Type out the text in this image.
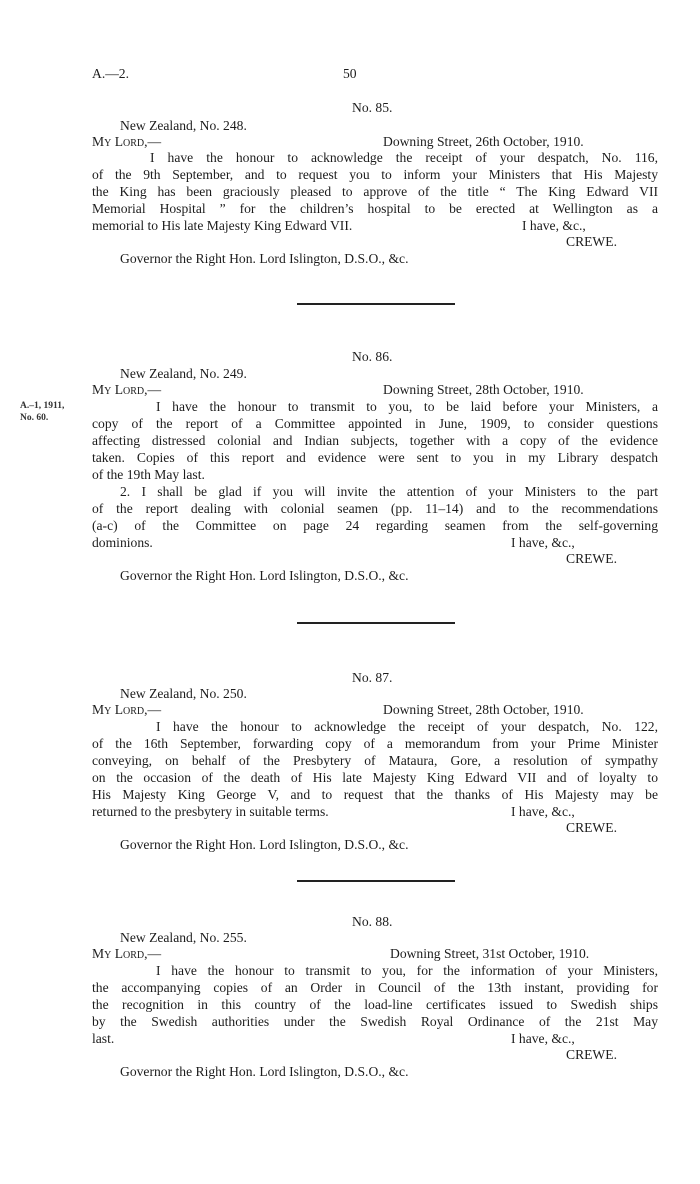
A.—2.	50
No. 85.
New Zealand, No. 248.
My Lord,—	Downing Street, 26th October, 1910.
I have the honour to acknowledge the receipt of your despatch, No. 116,
of the 9th September, and to request you to inform your Ministers that His Majesty
the King has been graciously pleased to approve of the title “ The King Edward VII
Memorial Hospital ” for the children’s hospital to be erected at Wellington as a
memorial to His late Majesty King Edward VII.	I have, &c.,
CREWE.
Governor the Right Hon. Lord Islington, D.S.O., &c.
No. 86.
New Zealand, No. 249.
My Lord,—	Downing Street, 28th October, 1910.
A.–1, 1911,
No. 60.
I have the honour to transmit to you, to be laid before your Ministers, a
copy of the report of a Committee appointed in June, 1909, to consider questions
affecting distressed colonial and Indian subjects, together with a copy of the evidence
taken. Copies of this report and evidence were sent to you in my Library despatch
of the 19th May last.
2. I shall be glad if you will invite the attention of your Ministers to the part
of the report dealing with colonial seamen (pp. 11–14) and to the recommendations
(a-c) of the Committee on page 24 regarding seamen from the self-governing
dominions.	I have, &c.,
CREWE.
Governor the Right Hon. Lord Islington, D.S.O., &c.
No. 87.
New Zealand, No. 250.
My Lord,—	Downing Street, 28th October, 1910.
I have the honour to acknowledge the receipt of your despatch, No. 122,
of the 16th September, forwarding copy of a memorandum from your Prime Minister
conveying, on behalf of the Presbytery of Mataura, Gore, a resolution of sympathy
on the occasion of the death of His late Majesty King Edward VII and of loyalty to
His Majesty King George V, and to request that the thanks of His Majesty may be
returned to the presbytery in suitable terms.	I have, &c.,
CREWE.
Governor the Right Hon. Lord Islington, D.S.O., &c.
No. 88.
New Zealand, No. 255.
My Lord,—	Downing Street, 31st October, 1910.
I have the honour to transmit to you, for the information of your Ministers,
the accompanying copies of an Order in Council of the 13th instant, providing for
the recognition in this country of the load-line certificates issued to Swedish ships
by the Swedish authorities under the Swedish Royal Ordinance of the 21st May
last.	I have, &c.,
CREWE.
Governor the Right Hon. Lord Islington, D.S.O., &c.
